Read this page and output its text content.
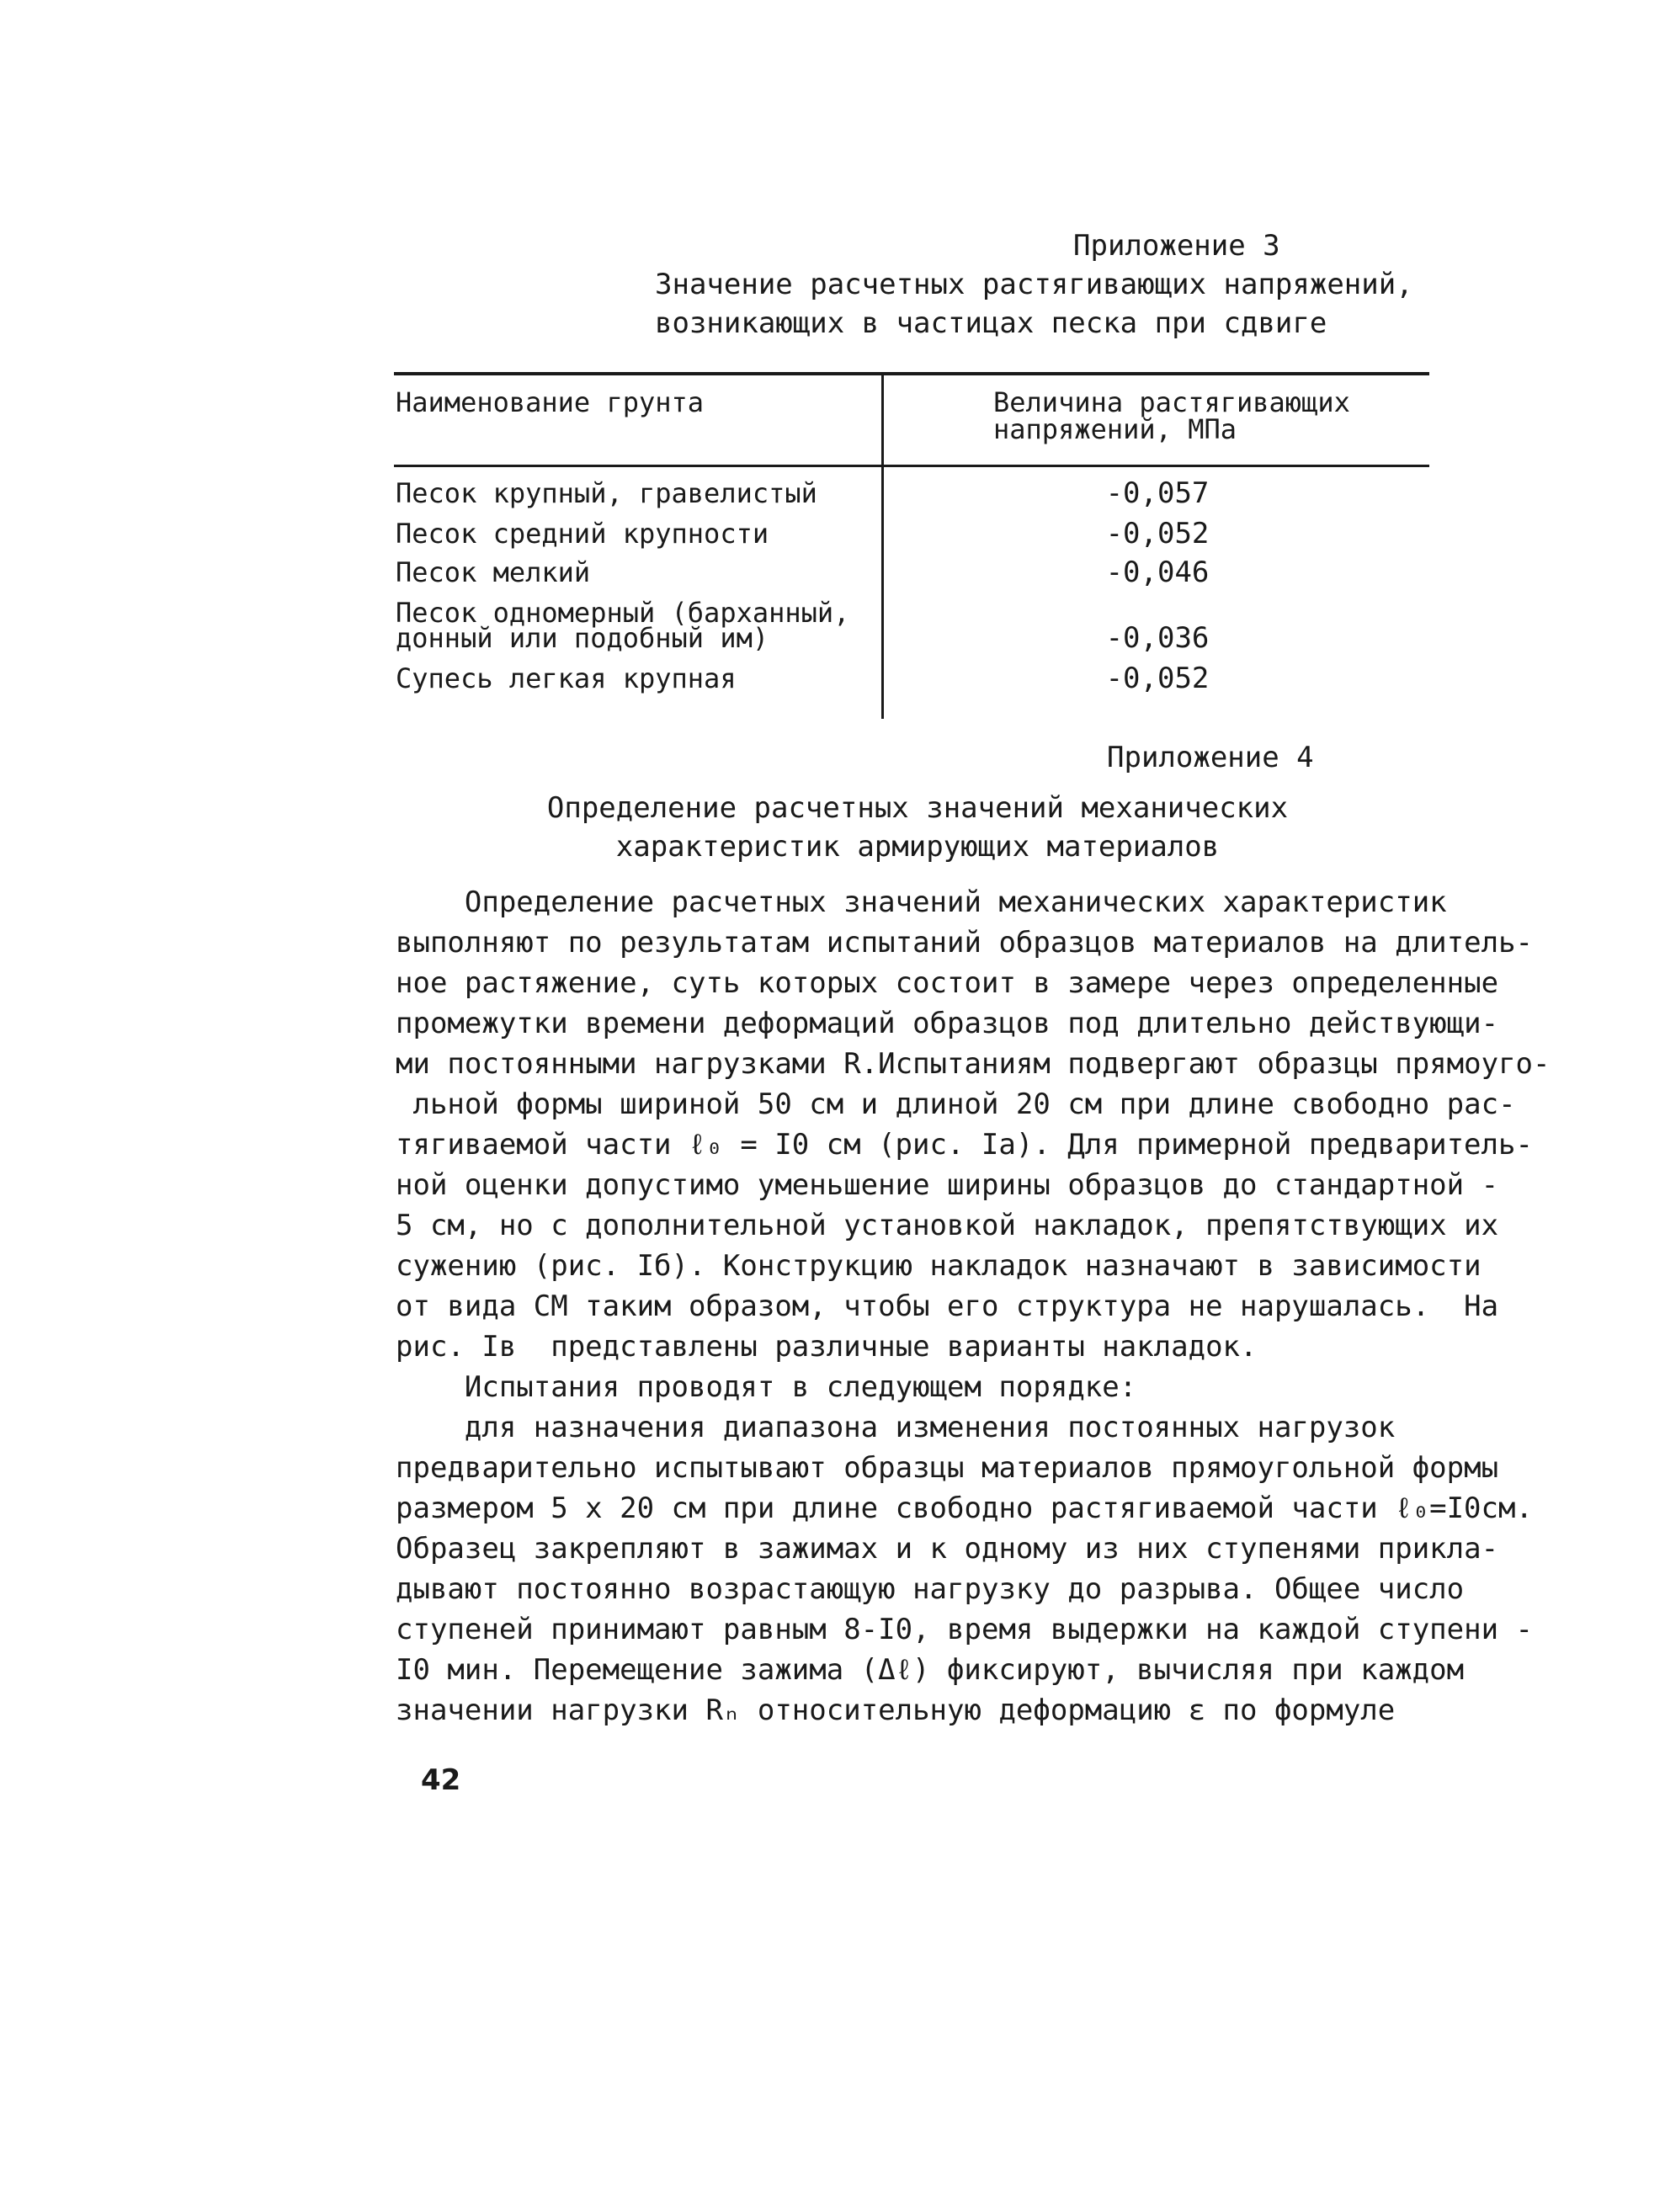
Приложение 3
Значение расчетных растягивающих напряжений,
возникающих в частицах песка при сдвиге
Наименование грунта	Величина растягивающих
напряжений, МПа
Песок крупный, гравелистый	-0,057
Песок средний крупности	-0,052
Песок мелкий	-0,046
Песок одномерный (барханный,
донный или подобный им)	-0,036
Супесь легкая крупная	-0,052
Приложение 4
Определение расчетных значений механических
характеристик армирующих материалов
Определение расчетных значений механических характеристик
выполняют по результатам испытаний образцов материалов на длитель-
ное растяжение, суть которых состоит в замере через определенные
промежутки времени деформаций образцов под длительно действующи-
ми постоянными нагрузками R.Испытаниям подвергают образцы прямоуго-
льной формы шириной 50 см и длиной 20 см при длине свободно рас-
тягиваемой части ℓ₀ = I0 см (рис. Iа). Для примерной предваритель-
ной оценки допустимо уменьшение ширины образцов до стандартной -
5 см, но с дополнительной установкой накладок, препятствующих их
сужению (рис. Iб). Конструкцию накладок назначают в зависимости
от вида СМ таким образом, чтобы его структура не нарушалась.  На
рис. Iв  представлены различные варианты накладок.
Испытания проводят в следующем порядке:
для назначения диапазона изменения постоянных нагрузок
предварительно испытывают образцы материалов прямоугольной формы
размером 5 х 20 см при длине свободно растягиваемой части ℓ₀=I0см.
Образец закрепляют в зажимах и к одному из них ступенями прикла-
дывают постоянно возрастающую нагрузку до разрыва. Общее число
ступеней принимают равным 8-I0, время выдержки на каждой ступени -
I0 мин. Перемещение зажима (Δℓ) фиксируют, вычисляя при каждом
значении нагрузки Rₙ относительную деформацию ε по формуле
42
